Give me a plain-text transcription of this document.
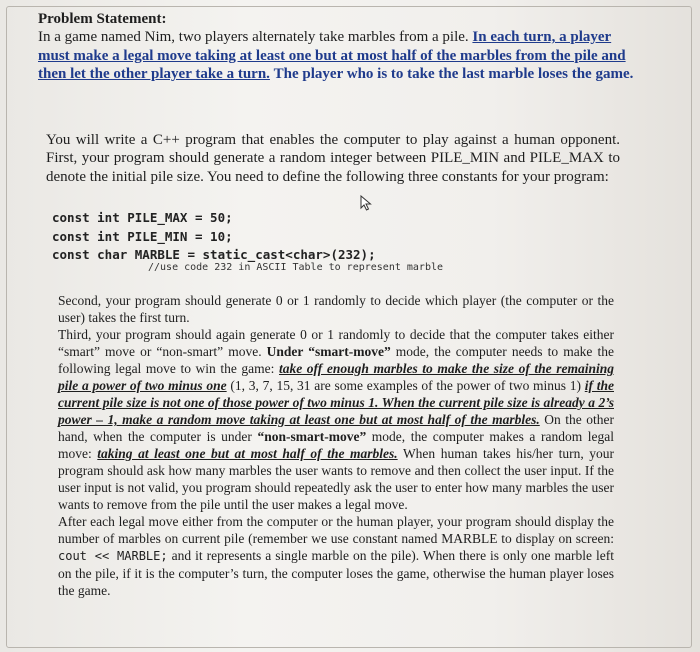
Problem Statement:

In a game named Nim, two players alternately take marbles from a pile. In each turn, a player must make a legal move taking at least one but at most half of the marbles from the pile and then let the other player take a turn. The player who is to take the last marble loses the game.

You will write a C++ program that enables the computer to play against a human opponent. First, your program should generate a random integer between PILE_MIN and PILE_MAX to denote the initial pile size. You need to define the following three constants for your program:
const int PILE_MAX = 50;
const int PILE_MIN = 10;
const char MARBLE = static_cast<char>(232);
//use code 232 in ASCII Table to represent marble

Second, your program should generate 0 or 1 randomly to decide which player (the computer or the user) takes the first turn.

Third, your program should again generate 0 or 1 randomly to decide that the computer takes either “smart” move or “non-smart” move. Under “smart-move” mode, the computer needs to make the following legal move to win the game: take off enough marbles to make the size of the remaining pile a power of two minus one (1, 3, 7, 15, 31 are some examples of the power of two minus 1) if the current pile size is not one of those power of two minus 1. When the current pile size is already a 2’s power – 1, make a random move taking at least one but at most half of the marbles. On the other hand, when the computer is under “non-smart-move” mode, the computer makes a random legal move: taking at least one but at most half of the marbles. When human takes his/her turn, your program should ask how many marbles the user wants to remove and then collect the user input. If the user input is not valid, you program should repeatedly ask the user to enter how many marbles the user wants to remove from the pile until the user makes a legal move.

After each legal move either from the computer or the human player, your program should display the number of marbles on current pile (remember we use constant named MARBLE to display on screen: cout << MARBLE; and it represents a single marble on the pile). When there is only one marble left on the pile, if it is the computer’s turn, the computer loses the game, otherwise the human player loses the game.
